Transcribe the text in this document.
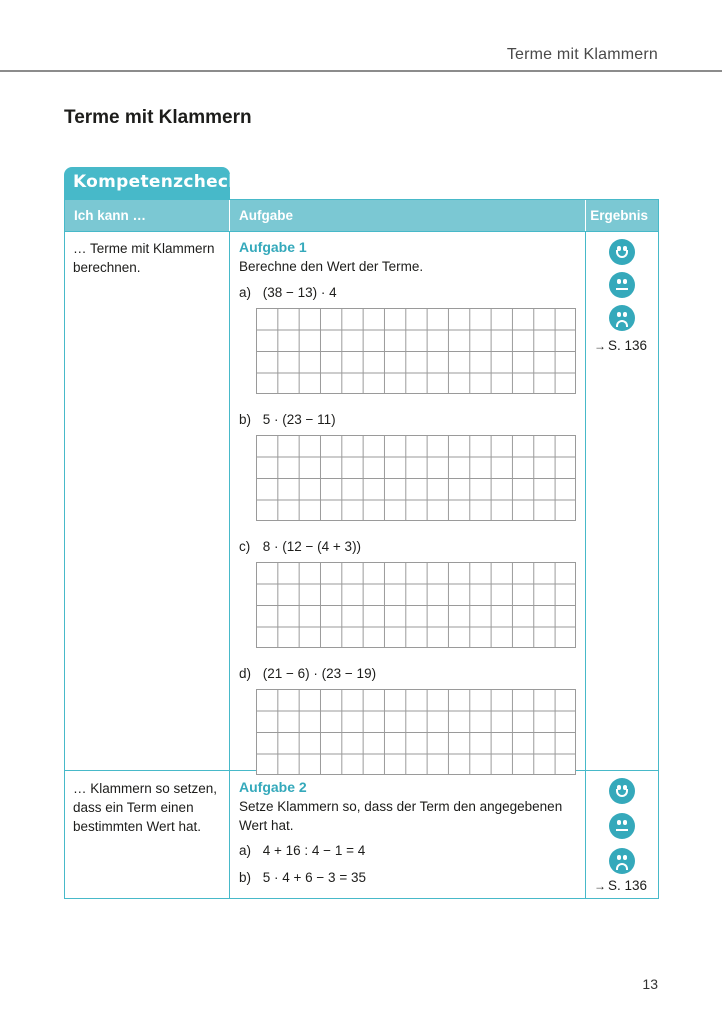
Terme mit Klammern
Terme mit Klammern
Kompetenzcheck
Ich kann …	Aufgabe	Ergebnis
… Terme mit Klammern berechnen.
Aufgabe 1
Berechne den Wert der Terme.
a) (38 − 13) · 4
b) 5 · (23 − 11)
c) 8 · (12 − (4 + 3))
d) (21 − 6) · (23 − 19)
→ S. 136
… Klammern so setzen, dass ein Term einen bestimmten Wert hat.
Aufgabe 2
Setze Klammern so, dass der Term den angegebenen Wert hat.
a) 4 + 16 : 4 − 1 = 4
b) 5 · 4 + 6 − 3 = 35
→ S. 136
13
